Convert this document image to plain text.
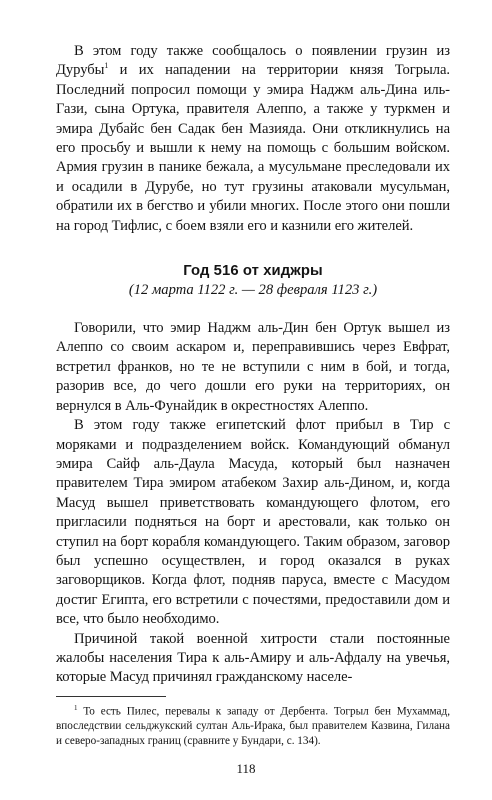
В этом году также сообщалось о появлении грузин из Дурубы$^1$ и их нападении на территории князя Тогрыла. Последний попросил помощи у эмира Наджм аль-Дина иль-Гази, сына Ортука, правителя Алеппо, а также у туркмен и эмира Дубайс бен Садак бен Мазияда. Они откликнулись на его просьбу и вышли к нему на помощь с большим войском. Армия грузин в панике бежала, а мусульмане преследовали их и осадили в Дурубе, но тут грузины атаковали мусульман, обратили их в бегство и убили многих. После этого они пошли на город Тифлис, с боем взяли его и казнили его жителей.

Год 516 от хиджры
(12 марта 1122 г. — 28 февраля 1123 г.)

Говорили, что эмир Наджм аль-Дин бен Ортук вышел из Алеппо со своим аскаром и, переправившись через Евфрат, встретил франков, но те не вступили с ним в бой, и тогда, разорив все, до чего дошли его руки на территориях, он вернулся в Аль-Фунайдик в окрестностях Алеппо.

В этом году также египетский флот прибыл в Тир с моряками и подразделением войск. Командующий обманул эмира Сайф аль-Даула Масуда, который был назначен правителем Тира эмиром атабеком Захир аль-Дином, и, когда Масуд вышел приветствовать командующего флотом, его пригласили подняться на борт и арестовали, как только он ступил на борт корабля командующего. Таким образом, заговор был успешно осуществлен, и город оказался в руках заговорщиков. Когда флот, подняв паруса, вместе с Масудом достиг Египта, его встретили с почестями, предоставили дом и все, что было необходимо.

Причиной такой военной хитрости стали постоянные жалобы населения Тира к аль-Амиру и аль-Афдалу на увечья, которые Масуд причинял гражданскому населе-

$^1$ То есть Пилес, перевалы к западу от Дербента. Тогрыл бен Мухаммад, впоследствии сельджукский султан Аль-Ирака, был правителем Казвина, Гилана и северо-западных границ (сравните у Бундари, с. 134).

118
